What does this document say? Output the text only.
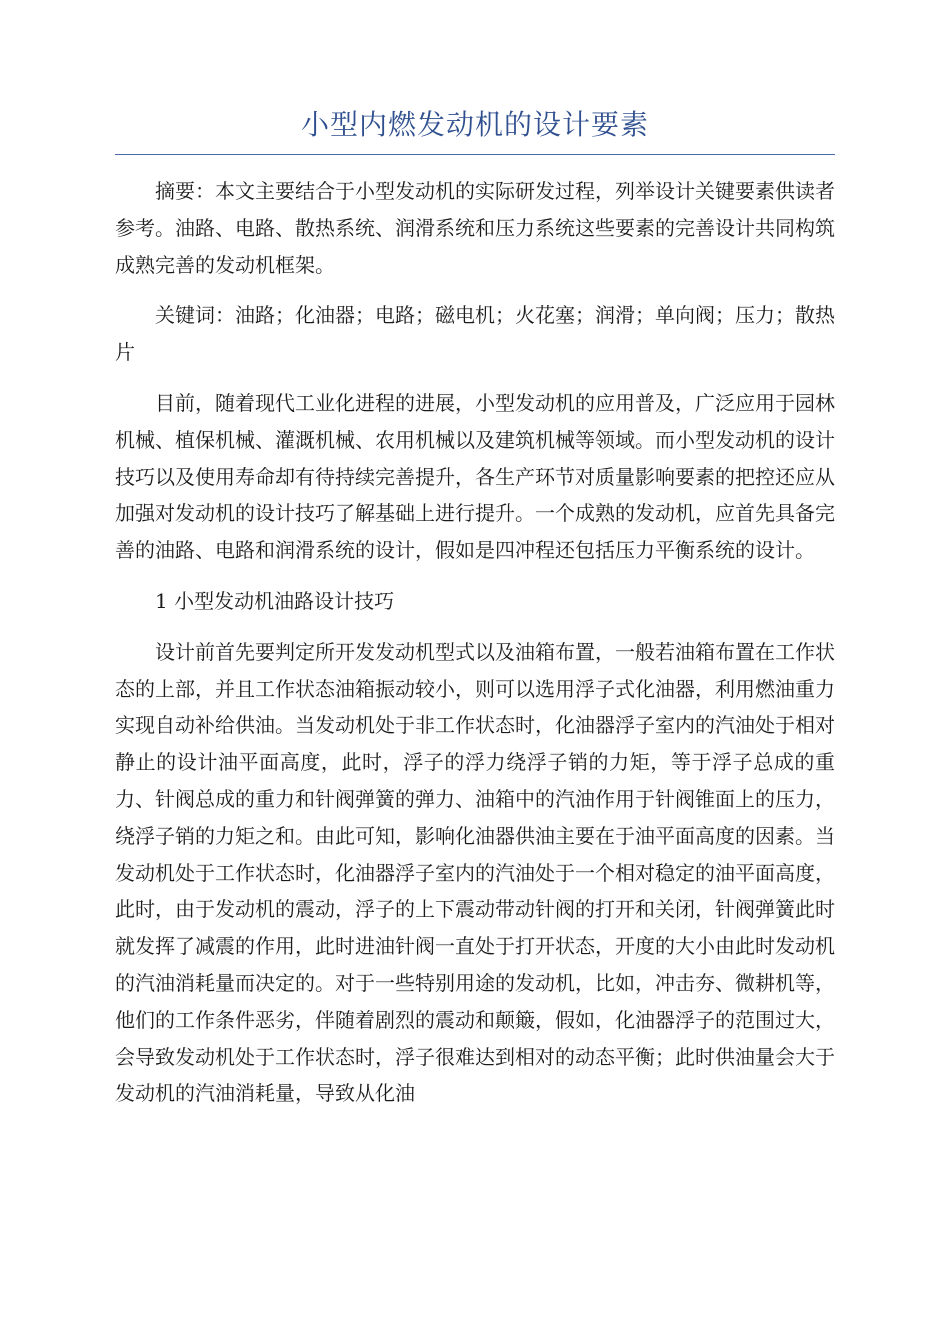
小型内燃发动机的设计要素

摘要：本文主要结合于小型发动机的实际研发过程，列举设计关键要素供读者参考。油路、电路、散热系统、润滑系统和压力系统这些要素的完善设计共同构筑成熟完善的发动机框架。

关键词：油路；化油器；电路；磁电机；火花塞；润滑；单向阀；压力；散热片

目前，随着现代工业化进程的进展，小型发动机的应用普及，广泛应用于园林机械、植保机械、灌溉机械、农用机械以及建筑机械等领域。而小型发动机的设计技巧以及使用寿命却有待持续完善提升，各生产环节对质量影响要素的把控还应从加强对发动机的设计技巧了解基础上进行提升。一个成熟的发动机，应首先具备完善的油路、电路和润滑系统的设计，假如是四冲程还包括压力平衡系统的设计。

1 小型发动机油路设计技巧

设计前首先要判定所开发发动机型式以及油箱布置，一般若油箱布置在工作状态的上部，并且工作状态油箱振动较小，则可以选用浮子式化油器，利用燃油重力实现自动补给供油。当发动机处于非工作状态时，化油器浮子室内的汽油处于相对静止的设计油平面高度，此时，浮子的浮力绕浮子销的力矩，等于浮子总成的重力、针阀总成的重力和针阀弹簧的弹力、油箱中的汽油作用于针阀锥面上的压力，绕浮子销的力矩之和。由此可知，影响化油器供油主要在于油平面高度的因素。当发动机处于工作状态时，化油器浮子室内的汽油处于一个相对稳定的油平面高度，此时，由于发动机的震动，浮子的上下震动带动针阀的打开和关闭，针阀弹簧此时就发挥了减震的作用，此时进油针阀一直处于打开状态，开度的大小由此时发动机的汽油消耗量而决定的。对于一些特别用途的发动机，比如，冲击夯、微耕机等，他们的工作条件恶劣，伴随着剧烈的震动和颠簸，假如，化油器浮子的范围过大，会导致发动机处于工作状态时，浮子很难达到相对的动态平衡；此时供油量会大于发动机的汽油消耗量，导致从化油
